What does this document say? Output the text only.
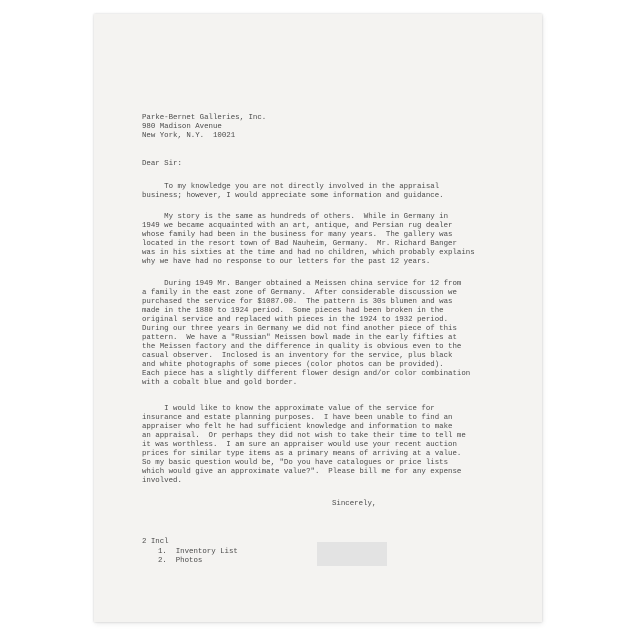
Parke-Bernet Galleries, Inc.
980 Madison Avenue
New York, N.Y.  10021
Dear Sir:
To my knowledge you are not directly involved in the appraisal
business; however, I would appreciate some information and guidance.
My story is the same as hundreds of others.  While in Germany in
1949 we became acquainted with an art, antique, and Persian rug dealer
whose family had been in the business for many years.  The gallery was
located in the resort town of Bad Nauheim, Germany.  Mr. Richard Banger
was in his sixties at the time and had no children, which probably explains
why we have had no response to our letters for the past 12 years.
During 1949 Mr. Banger obtained a Meissen china service for 12 from
a family in the east zone of Germany.  After considerable discussion we
purchased the service for $1087.00.  The pattern is 30s blumen and was
made in the 1880 to 1924 period.  Some pieces had been broken in the
original service and replaced with pieces in the 1924 to 1932 period.
During our three years in Germany we did not find another piece of this
pattern.  We have a "Russian" Meissen bowl made in the early fifties at
the Meissen factory and the difference in quality is obvious even to the
casual observer.  Inclosed is an inventory for the service, plus black
and white photographs of some pieces (color photos can be provided).
Each piece has a slightly different flower design and/or color combination
with a cobalt blue and gold border.
I would like to know the approximate value of the service for
insurance and estate planning purposes.  I have been unable to find an
appraiser who felt he had sufficient knowledge and information to make
an appraisal.  Or perhaps they did not wish to take their time to tell me
it was worthless.  I am sure an appraiser would use your recent auction
prices for similar type items as a primary means of arriving at a value.
So my basic question would be, "Do you have catalogues or price lists
which would give an approximate value?".  Please bill me for any expense
involved.
Sincerely,
2 Incl
1.  Inventory List
2.  Photos
